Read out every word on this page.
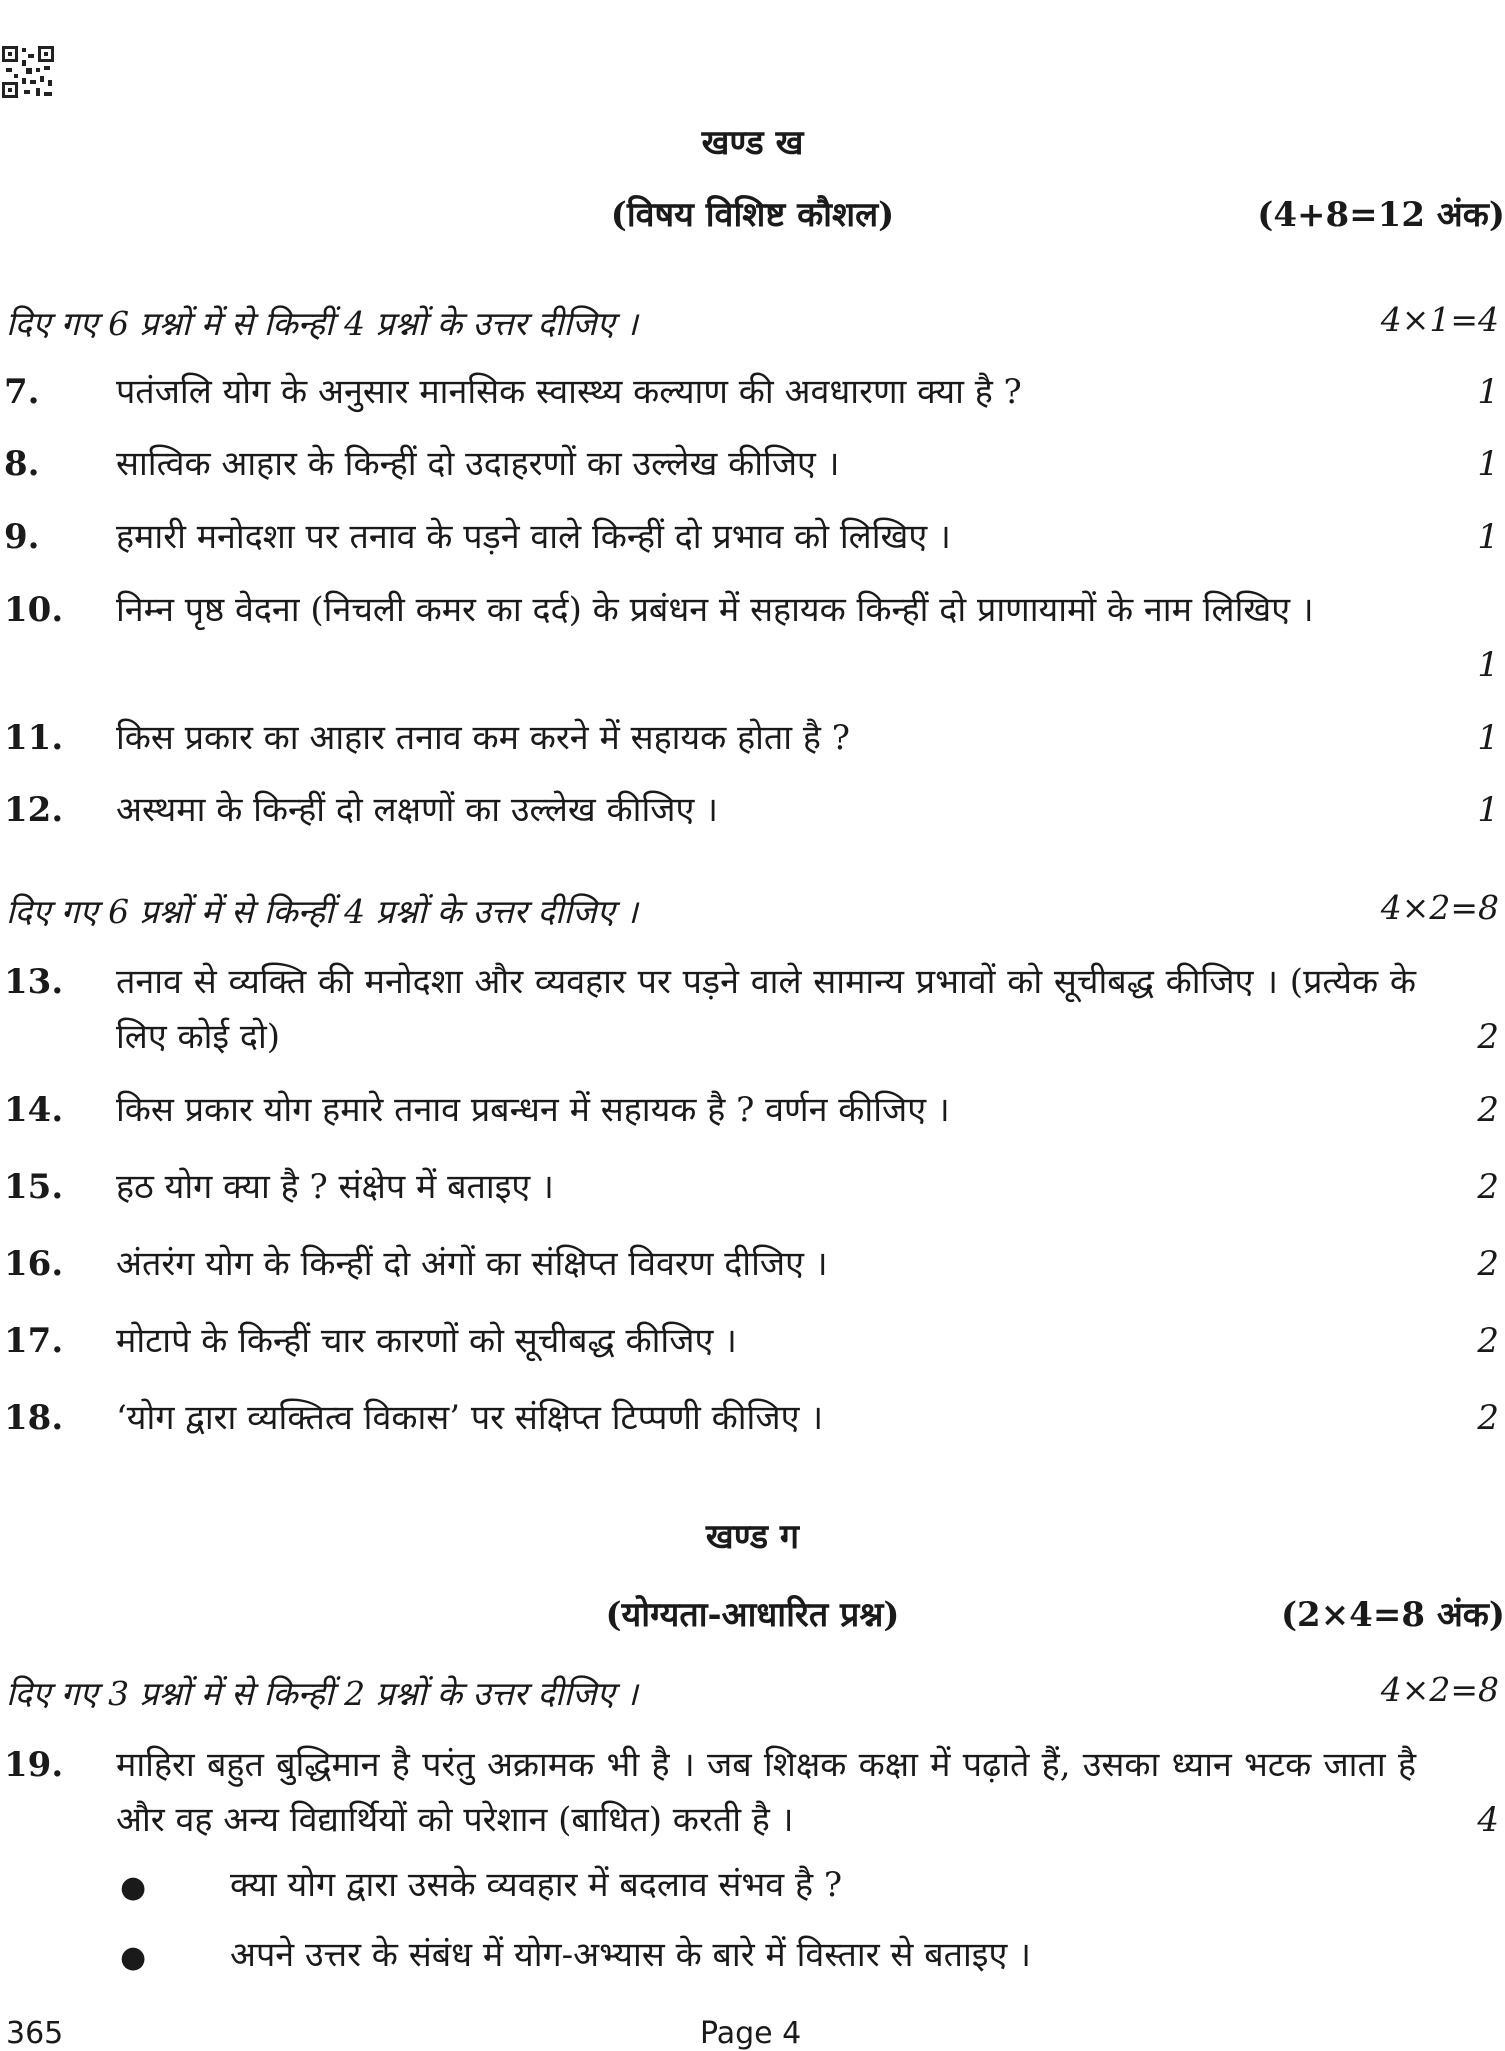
खण्ड ख
(विषय विशिष्ट कौशल)	(4+8=12 अंक)
दिए गए 6 प्रश्नों में से किन्हीं 4 प्रश्नों के उत्तर दीजिए ।	4×1=4
7. पतंजलि योग के अनुसार मानसिक स्वास्थ्य कल्याण की अवधारणा क्या है ?	1
8. सात्विक आहार के किन्हीं दो उदाहरणों का उल्लेख कीजिए ।	1
9. हमारी मनोदशा पर तनाव के पड़ने वाले किन्हीं दो प्रभाव को लिखिए ।	1
10. निम्न पृष्ठ वेदना (निचली कमर का दर्द) के प्रबंधन में सहायक किन्हीं दो प्राणायामों के नाम लिखिए ।
1
11. किस प्रकार का आहार तनाव कम करने में सहायक होता है ?	1
12. अस्थमा के किन्हीं दो लक्षणों का उल्लेख कीजिए ।	1
दिए गए 6 प्रश्नों में से किन्हीं 4 प्रश्नों के उत्तर दीजिए ।	4×2=8
13. तनाव से व्यक्ति की मनोदशा और व्यवहार पर पड़ने वाले सामान्य प्रभावों को सूचीबद्ध कीजिए । (प्रत्येक के लिए कोई दो)	2
14. किस प्रकार योग हमारे तनाव प्रबन्धन में सहायक है ? वर्णन कीजिए ।	2
15. हठ योग क्या है ? संक्षेप में बताइए ।	2
16. अंतरंग योग के किन्हीं दो अंगों का संक्षिप्त विवरण दीजिए ।	2
17. मोटापे के किन्हीं चार कारणों को सूचीबद्ध कीजिए ।	2
18. ‘योग द्वारा व्यक्तित्व विकास’ पर संक्षिप्त टिप्पणी कीजिए ।	2
खण्ड ग
(योग्यता-आधारित प्रश्न)	(2×4=8 अंक)
दिए गए 3 प्रश्नों में से किन्हीं 2 प्रश्नों के उत्तर दीजिए ।	4×2=8
19. माहिरा बहुत बुद्धिमान है परंतु अक्रामक भी है । जब शिक्षक कक्षा में पढ़ाते हैं, उसका ध्यान भटक जाता है और वह अन्य विद्यार्थियों को परेशान (बाधित) करती है ।	4
● क्या योग द्वारा उसके व्यवहार में बदलाव संभव है ?
● अपने उत्तर के संबंध में योग-अभ्यास के बारे में विस्तार से बताइए ।
365	Page 4
